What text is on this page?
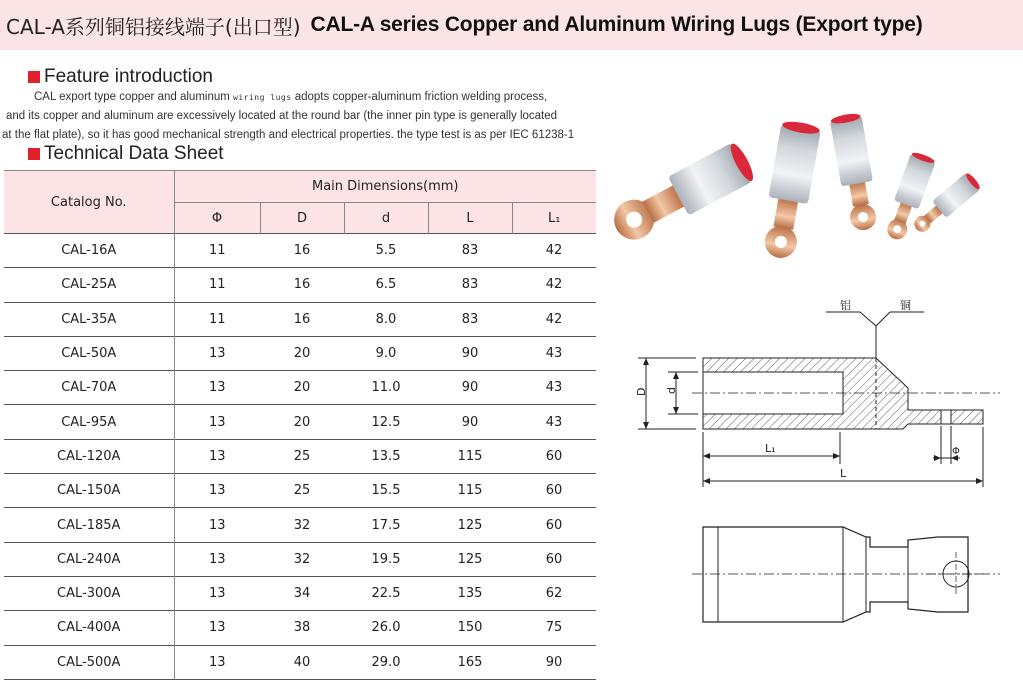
CAL-A系列铜铝接线端子(出口型) CAL-A series Copper and Aluminum Wiring Lugs (Export type)
Feature introduction
CAL export type copper and aluminum wiring lugs adopts copper-aluminum friction welding process,
and its copper and aluminum are excessively located at the round bar (the inner pin type is generally located
at the flat plate), so it has good mechanical strength and electrical properties. the type test is as per IEC 61238-1
Technical Data Sheet
Catalog No.	Main Dimensions(mm)				
	Φ	D	d	L	L₁
CAL-16A	11	16	5.5	83	42
CAL-25A	11	16	6.5	83	42
CAL-35A	11	16	8.0	83	42
CAL-50A	13	20	9.0	90	43
CAL-70A	13	20	11.0	90	43
CAL-95A	13	20	12.5	90	43
CAL-120A	13	25	13.5	115	60
CAL-150A	13	25	15.5	115	60
CAL-185A	13	32	17.5	125	60
CAL-240A	13	32	19.5	125	60
CAL-300A	13	34	22.5	135	62
CAL-400A	13	38	26.0	150	75
CAL-500A	13	40	29.0	165	90
铝	铜
D d
L₁
L
Φ
